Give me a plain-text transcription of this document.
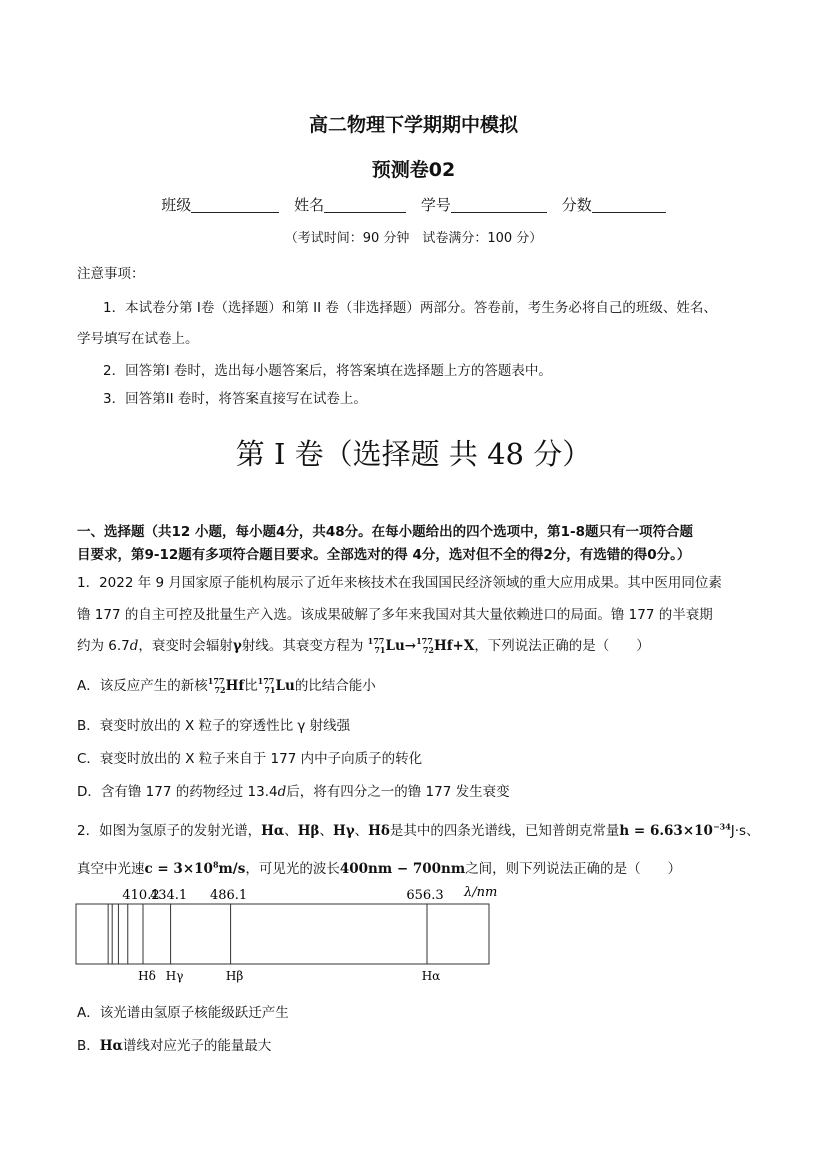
高二物理下学期期中模拟
预测卷02
班级	姓名	学号	分数
（考试时间：90 分钟　试卷满分：100 分）
注意事项：
1．本试卷分第 I卷（选择题）和第 II 卷（非选择题）两部分。答卷前，考生务必将自己的班级、姓名、
学号填写在试卷上。
2．回答第I 卷时，选出每小题答案后，将答案填在选择题上方的答题表中。
3．回答第II 卷时，将答案直接写在试卷上。
第 I 卷（选择题 共 48 分）
一、选择题（共12 小题，每小题4分，共48分。在每小题给出的四个选项中，第1-8题只有一项符合题
目要求，第9-12题有多项符合题目要求。全部选对的得 4分，选对但不全的得2分，有选错的得0分。）
1．2022 年 9 月国家原子能机构展示了近年来核技术在我国国民经济领域的重大应用成果。其中医用同位素
镥 177 的自主可控及批量生产入选。该成果破解了多年来我国对其大量依赖进口的局面。镥 177 的半衰期
约为 6.7d，衰变时会辐射γ射线。其衰变方程为 $^{177}_{71}$Lu→$^{177}_{72}$Hf+X，下列说法正确的是（　　）
A．该反应产生的新核$^{177}_{72}$Hf比$^{177}_{71}$Lu的比结合能小
B．衰变时放出的 X 粒子的穿透性比 γ 射线强
C．衰变时放出的 X 粒子来自于 177 内中子向质子的转化
D．含有镥 177 的药物经过 13.4d后，将有四分之一的镥 177 发生衰变
2．如图为氢原子的发射光谱，Hα、Hβ、Hγ、Hδ是其中的四条光谱线，已知普朗克常量$h = 6.63\times 10^{-34}J\cdot s$、
真空中光速$c = 3\times 10^8m/s$，可见光的波长400nm − 700nm之间，则下列说法正确的是（　　）
410.2
Hδ
434.1
Hγ
486.1
Hβ
656.3
Hα
λ/nm
A．该光谱由氢原子核能级跃迁产生
B．Hα谱线对应光子的能量最大
